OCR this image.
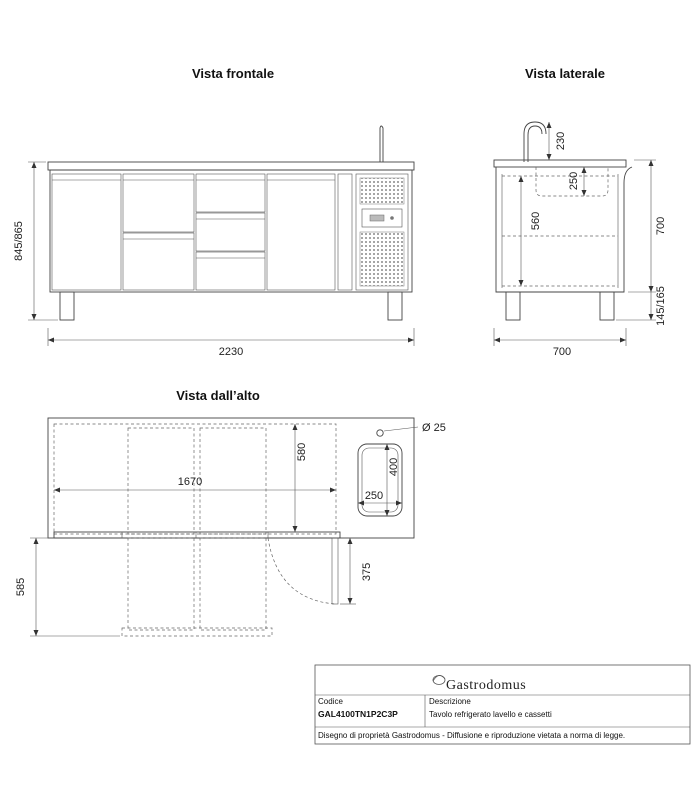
Vista frontale	Vista laterale
Vista dall’alto
845/865
2230
230
250
560	700
145/165
700
Ø 25
580
400
1670
250
375
585
Gastrodomus
Codice
GAL4100TN1P2C3P
Descrizione
Tavolo refrigerato lavello e cassetti
Disegno di proprietà Gastrodomus - Diffusione e riproduzione vietata a norma di legge.
